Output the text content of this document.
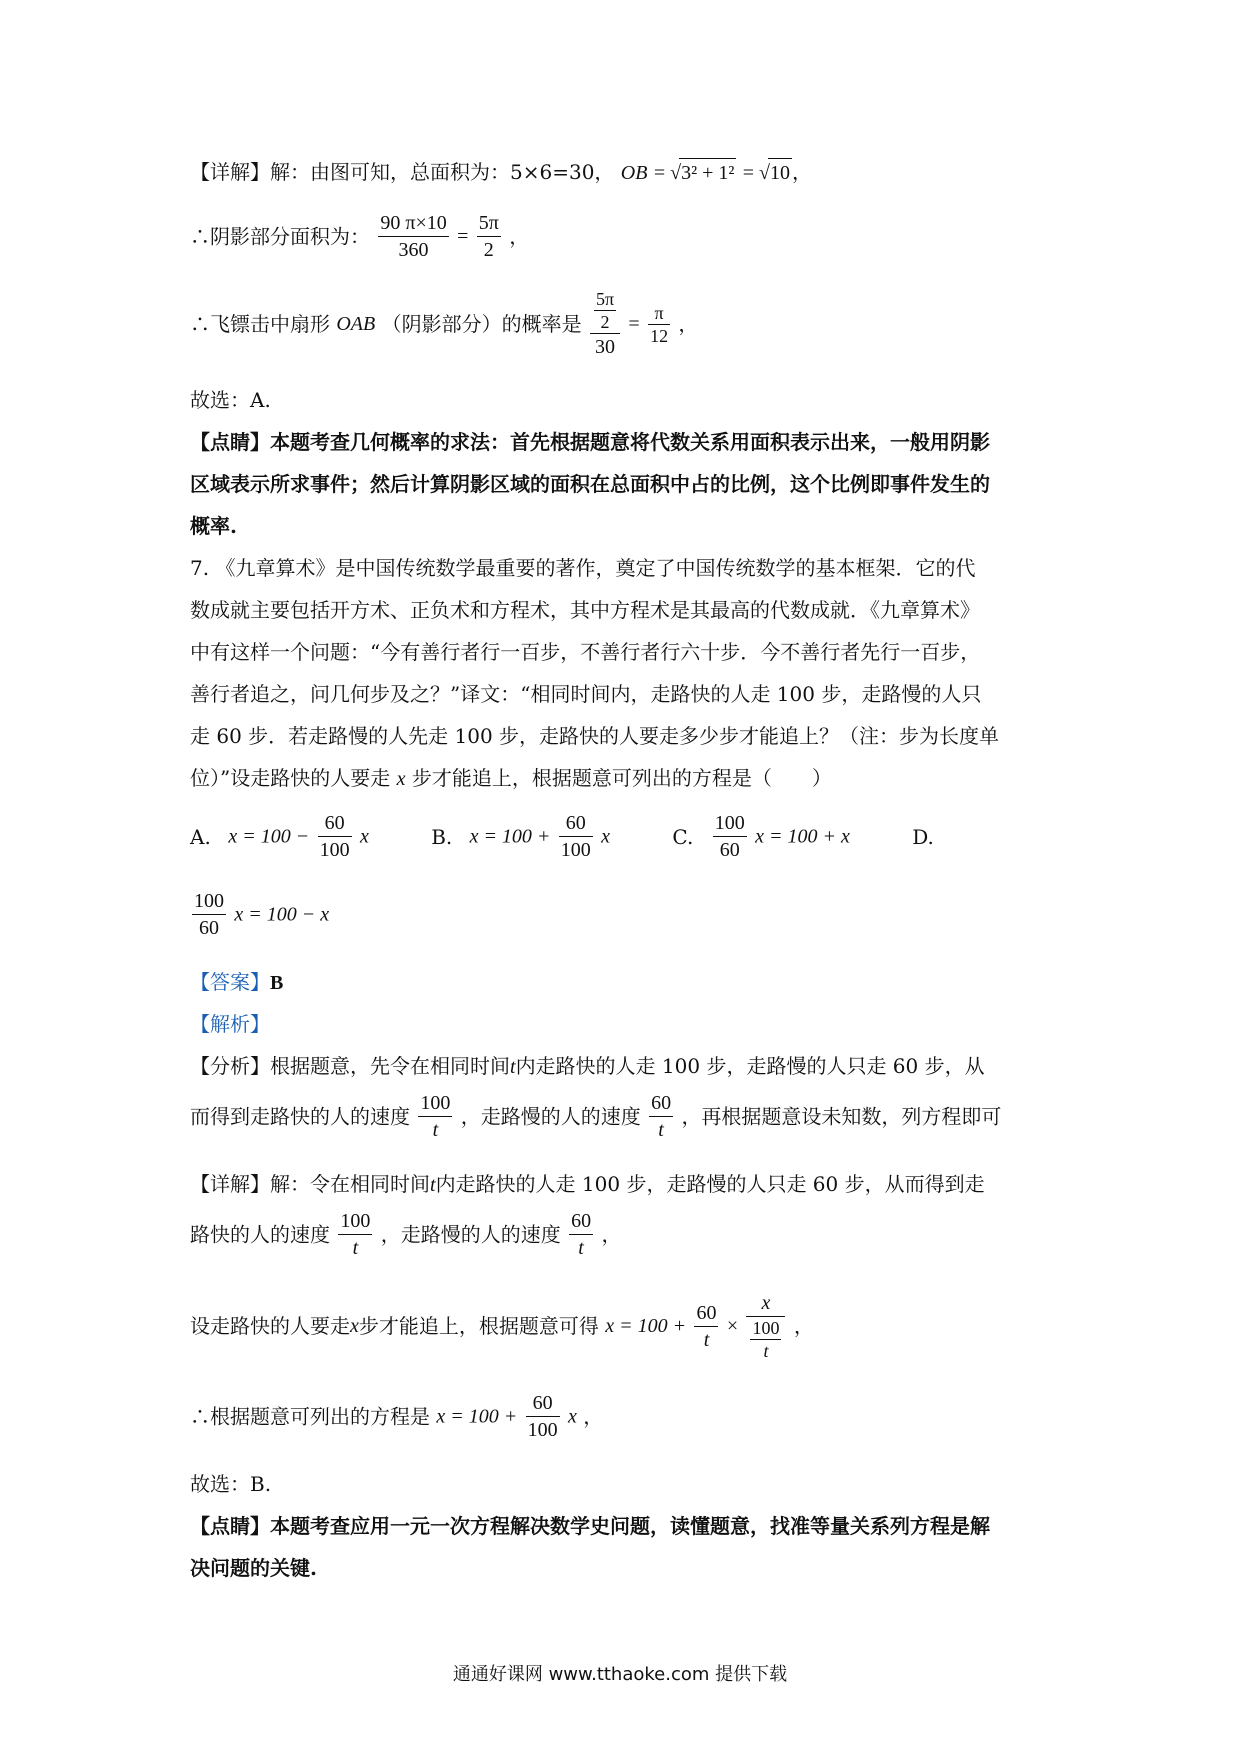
【详解】解：由图可知，总面积为：5×6=30， OB = √3² + 1² = √10 ，
∴阴影部分面积为： $\frac{90 \pi\times 10}{360} = \frac{5\pi}{2}$ ，
∴飞镖击中扇形 OAB （阴影部分）的概率是 $\frac{\frac{5\pi}{2}}{30} = \frac{\pi}{12}$ ，
故选：A.
【点睛】本题考查几何概率的求法：首先根据题意将代数关系用面积表示出来，一般用阴影
区域表示所求事件；然后计算阴影区域的面积在总面积中占的比例，这个比例即事件发生的
概率.
7. 《九章算术》是中国传统数学最重要的著作，奠定了中国传统数学的基本框架．它的代
数成就主要包括开方术、正负术和方程术，其中方程术是其最高的代数成就．《九章算术》
中有这样一个问题：“今有善行者行一百步，不善行者行六十步．今不善行者先行一百步，
善行者追之，问几何步及之？”译文：“相同时间内，走路快的人走 100 步，走路慢的人只
走 60 步．若走路慢的人先走 100 步，走路快的人要走多少步才能追上？（注：步为长度单
位）”设走路快的人要走 x 步才能追上，根据题意可列出的方程是（　　）
A. $x = 100 - \frac{60}{100}$ x	B. $x = 100 + \frac{60}{100}$ x	C. $\frac{100}{60}$ x = 100 + x	D.
$\frac{100}{60}$ x = 100 − x
【答案】B
【解析】
【分析】根据题意，先令在相同时间t内走路快的人走 100 步，走路慢的人只走 60 步，从
而得到走路快的人的速度 $\frac{100}{t}$ ，走路慢的人的速度 $\frac{60}{t}$ ，再根据题意设未知数，列方程即可
【详解】解：令在相同时间t内走路快的人走 100 步，走路慢的人只走 60 步，从而得到走
路快的人的速度 $\frac{100}{t}$ ，走路慢的人的速度 $\frac{60}{t}$ ，
设走路快的人要走x步才能追上，根据题意可得 $x = 100 + \frac{60}{t} \times \frac{x}{\frac{100}{t}}$ ，
∴根据题意可列出的方程是 $x = 100 + \frac{60}{100}$ x ，
故选：B.
【点睛】本题考查应用一元一次方程解决数学史问题，读懂题意，找准等量关系列方程是解
决问题的关键.
通通好课网 www.tthaoke.com 提供下载
